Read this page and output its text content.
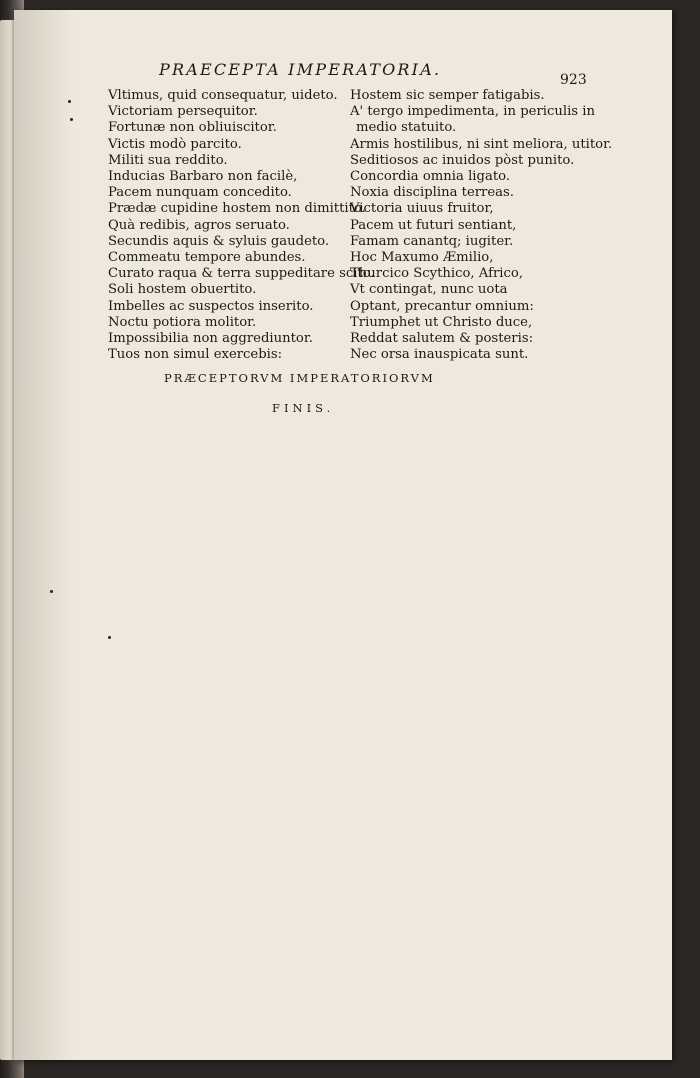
PRAECEPTA IMPERATORIA.
923
Vltimus, quid consequatur, uideto.
Victoriam persequitor.
Fortunæ non obliuiscitor.
Victis modò parcito.
Militi sua reddito.
Inducias Barbaro non facilè,
Pacem nunquam concedito.
Prædæ cupidine hostem non dimittito.
Quà redibis, agros seruato.
Secundis aquis & syluis gaudeto.
Commeatu tempore abundes.
Curato raqua & terra suppeditare scito.
Soli hostem obuertito.
Imbelles ac suspectos inserito.
Noctu potiora molitor.
Impossibilia non aggrediuntor.
Tuos non simul exercebis:
Hostem sic semper fatigabis.
A' tergo impedimenta, in periculis in
medio statuito.
Armis hostilibus, ni sint meliora, utitor.
Seditiosos ac inuidos pòst punito.
Concordia omnia ligato.
Noxia disciplina terreas.
Victoria uiuus fruitor,
Pacem ut futuri sentiant,
Famam canantq; iugiter.
Hoc Maxumo Æmilio,
Thurcico Scythico, Africo,
Vt contingat, nunc uota
Optant, precantur omnium:
Triumphet ut Christo duce,
Reddat salutem & posteris:
Nec orsa inauspicata sunt.
PRÆCEPTORVM IMPERATORIORVM
FINIS.
